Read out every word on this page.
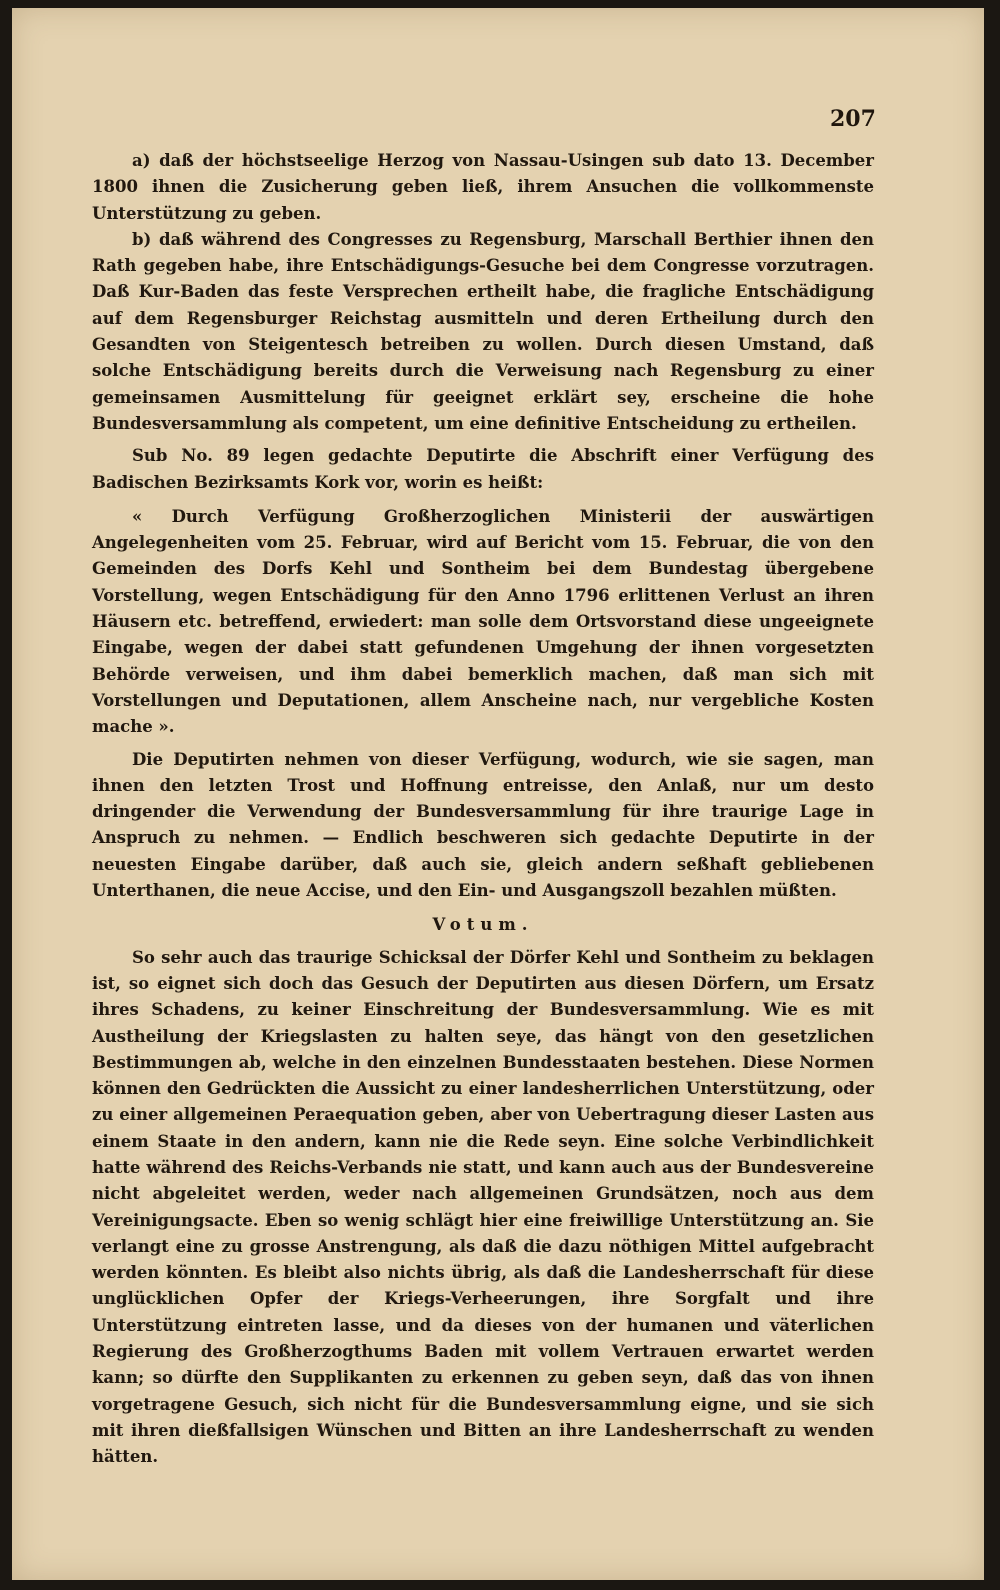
207

a) daß der höchstseelige Herzog von Nassau-Usingen sub dato 13. December 1800 ihnen die Zusicherung geben ließ, ihrem Ansuchen die vollkommenste Unterstützung zu geben.

b) daß während des Congresses zu Regensburg, Marschall Berthier ihnen den Rath gegeben habe, ihre Entschädigungs-Gesuche bei dem Congresse vorzutragen. Daß Kur-Baden das feste Versprechen ertheilt habe, die fragliche Entschädigung auf dem Regensburger Reichstag ausmitteln und deren Ertheilung durch den Gesandten von Steigentesch betreiben zu wollen. Durch diesen Umstand, daß solche Entschädigung bereits durch die Verweisung nach Regensburg zu einer gemeinsamen Ausmittelung für geeignet erklärt sey, erscheine die hohe Bundesversammlung als competent, um eine definitive Entscheidung zu ertheilen.

Sub No. 89 legen gedachte Deputirte die Abschrift einer Verfügung des Badischen Bezirksamts Kork vor, worin es heißt:

« Durch Verfügung Großherzoglichen Ministerii der auswärtigen Angelegenheiten vom 25. Februar, wird auf Bericht vom 15. Februar, die von den Gemeinden des Dorfs Kehl und Sontheim bei dem Bundestag übergebene Vorstellung, wegen Entschädigung für den Anno 1796 erlittenen Verlust an ihren Häusern etc. betreffend, erwiedert: man solle dem Ortsvorstand diese ungeeignete Eingabe, wegen der dabei statt gefundenen Umgehung der ihnen vorgesetzten Behörde verweisen, und ihm dabei bemerklich machen, daß man sich mit Vorstellungen und Deputationen, allem Anscheine nach, nur vergebliche Kosten mache ».

Die Deputirten nehmen von dieser Verfügung, wodurch, wie sie sagen, man ihnen den letzten Trost und Hoffnung entreisse, den Anlaß, nur um desto dringender die Verwendung der Bundesversammlung für ihre traurige Lage in Anspruch zu nehmen. — Endlich beschweren sich gedachte Deputirte in der neuesten Eingabe darüber, daß auch sie, gleich andern seßhaft gebliebenen Unterthanen, die neue Accise, und den Ein- und Ausgangszoll bezahlen müßten.

Votum.

So sehr auch das traurige Schicksal der Dörfer Kehl und Sontheim zu beklagen ist, so eignet sich doch das Gesuch der Deputirten aus diesen Dörfern, um Ersatz ihres Schadens, zu keiner Einschreitung der Bundesversammlung. Wie es mit Austheilung der Kriegslasten zu halten seye, das hängt von den gesetzlichen Bestimmungen ab, welche in den einzelnen Bundesstaaten bestehen. Diese Normen können den Gedrückten die Aussicht zu einer landesherrlichen Unterstützung, oder zu einer allgemeinen Peraequation geben, aber von Uebertragung dieser Lasten aus einem Staate in den andern, kann nie die Rede seyn. Eine solche Verbindlichkeit hatte während des Reichs-Verbands nie statt, und kann auch aus der Bundesvereine nicht abgeleitet werden, weder nach allgemeinen Grundsätzen, noch aus dem Vereinigungsacte. Eben so wenig schlägt hier eine freiwillige Unterstützung an. Sie verlangt eine zu grosse Anstrengung, als daß die dazu nöthigen Mittel aufgebracht werden könnten. Es bleibt also nichts übrig, als daß die Landesherrschaft für diese unglücklichen Opfer der Kriegs-Verheerungen, ihre Sorgfalt und ihre Unterstützung eintreten lasse, und da dieses von der humanen und väterlichen Regierung des Großherzogthums Baden mit vollem Vertrauen erwartet werden kann; so dürfte den Supplikanten zu erkennen zu geben seyn, daß das von ihnen vorgetragene Gesuch, sich nicht für die Bundesversammlung eigne, und sie sich mit ihren dießfallsigen Wünschen und Bitten an ihre Landesherrschaft zu wenden hätten.
